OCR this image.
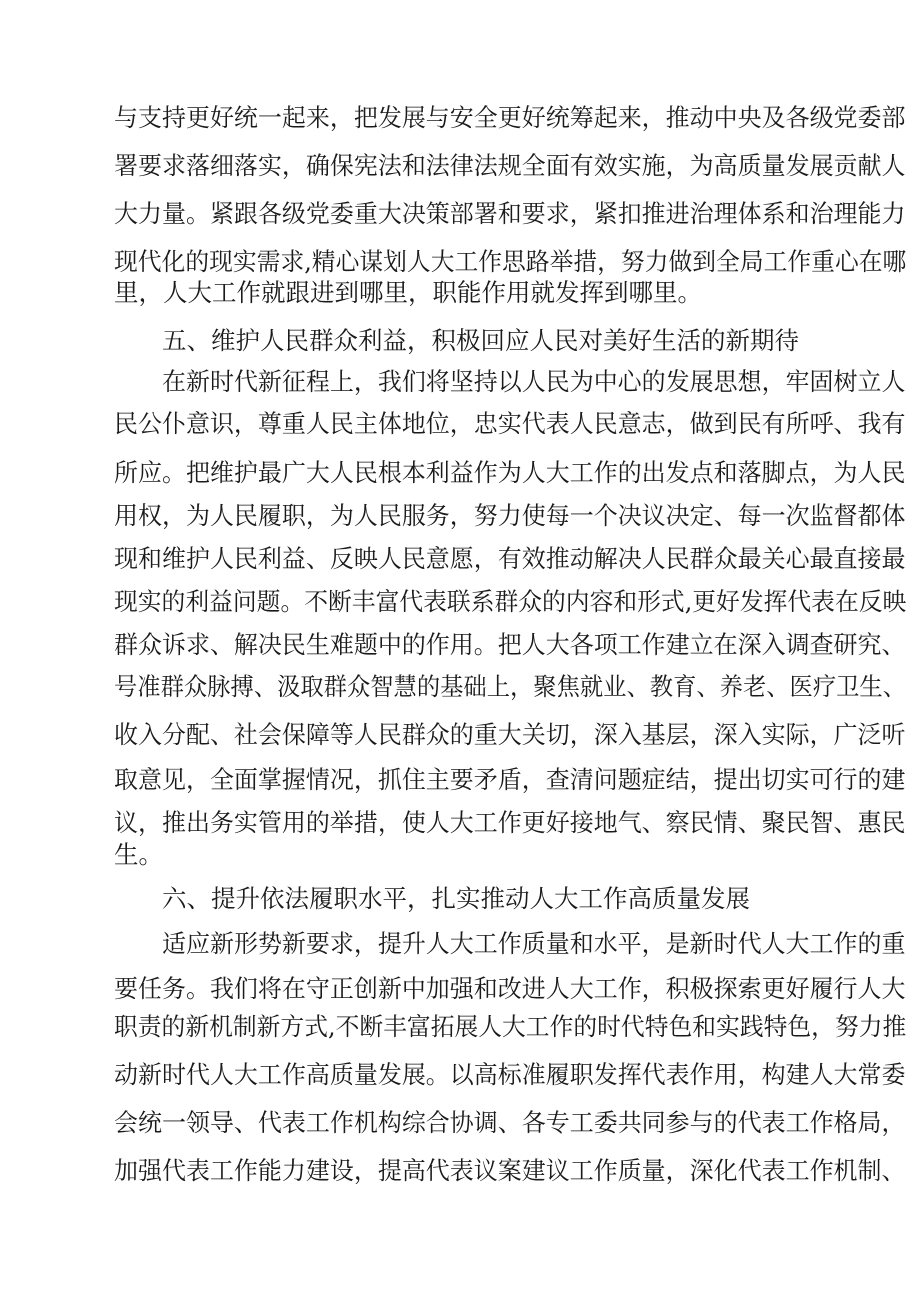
与支持更好统一起来，把发展与安全更好统筹起来，推动中央及各级党委部

署要求落细落实，确保宪法和法律法规全面有效实施，为高质量发展贡献人

大力量。紧跟各级党委重大决策部署和要求，紧扣推进治理体系和治理能力

现代化的现实需求,精心谋划人大工作思路举措，努力做到全局工作重心在哪

里，人大工作就跟进到哪里，职能作用就发挥到哪里。

五、维护人民群众利益，积极回应人民对美好生活的新期待

在新时代新征程上，我们将坚持以人民为中心的发展思想，牢固树立人

民公仆意识，尊重人民主体地位，忠实代表人民意志，做到民有所呼、我有

所应。把维护最广大人民根本利益作为人大工作的出发点和落脚点，为人民

用权，为人民履职，为人民服务，努力使每一个决议决定、每一次监督都体

现和维护人民利益、反映人民意愿，有效推动解决人民群众最关心最直接最

现实的利益问题。不断丰富代表联系群众的内容和形式,更好发挥代表在反映

群众诉求、解决民生难题中的作用。把人大各项工作建立在深入调查研究、

号准群众脉搏、汲取群众智慧的基础上，聚焦就业、教育、养老、医疗卫生、

收入分配、社会保障等人民群众的重大关切，深入基层，深入实际，广泛听

取意见，全面掌握情况，抓住主要矛盾，查清问题症结，提出切实可行的建

议，推出务实管用的举措，使人大工作更好接地气、察民情、聚民智、惠民

生。

六、提升依法履职水平，扎实推动人大工作高质量发展

适应新形势新要求，提升人大工作质量和水平，是新时代人大工作的重

要任务。我们将在守正创新中加强和改进人大工作，积极探索更好履行人大

职责的新机制新方式,不断丰富拓展人大工作的时代特色和实践特色，努力推

动新时代人大工作高质量发展。以高标准履职发挥代表作用，构建人大常委

会统一领导、代表工作机构综合协调、各专工委共同参与的代表工作格局，

加强代表工作能力建设，提高代表议案建议工作质量，深化代表工作机制、
